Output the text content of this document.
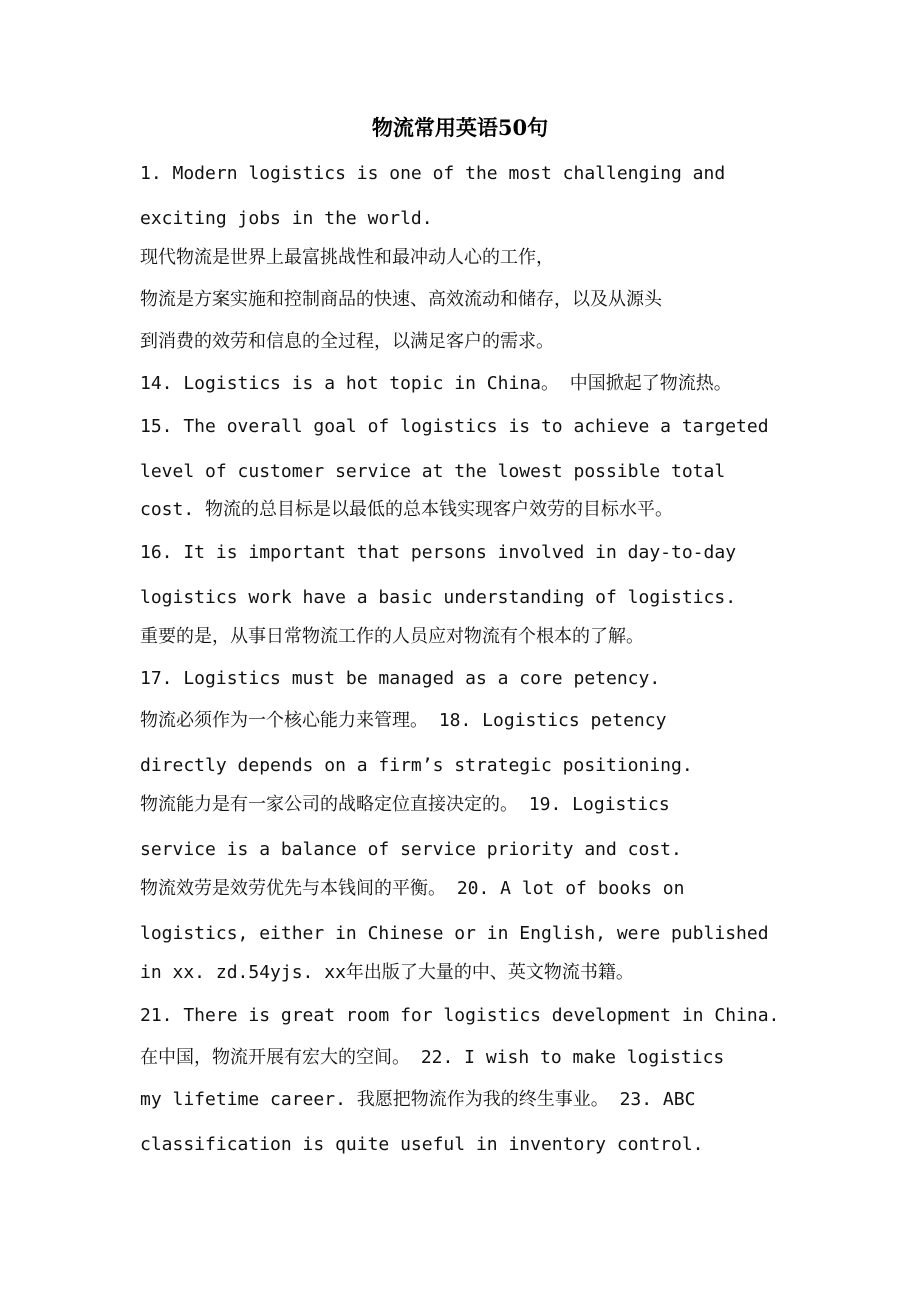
物流常用英语50句

1. Modern logistics is one of the most challenging and

exciting jobs in the world.

现代物流是世界上最富挑战性和最冲动人心的工作，

物流是方案实施和控制商品的快速、高效流动和储存，以及从源头

到消费的效劳和信息的全过程，以满足客户的需求。

14. Logistics is a hot topic in China。 中国掀起了物流热。

15. The overall goal of logistics is to achieve a targeted

level of customer service at the lowest possible total

cost. 物流的总目标是以最低的总本钱实现客户效劳的目标水平。

16. It is important that persons involved in day-to-day

logistics work have a basic understanding of logistics.

重要的是，从事日常物流工作的人员应对物流有个根本的了解。

17. Logistics must be managed as a core petency.

物流必须作为一个核心能力来管理。 18. Logistics petency

directly depends on a firm’s strategic positioning.

物流能力是有一家公司的战略定位直接决定的。 19. Logistics

service is a balance of service priority and cost.

物流效劳是效劳优先与本钱间的平衡。 20. A lot of books on

logistics, either in Chinese or in English, were published

in xx. zd.54yjs. xx年出版了大量的中、英文物流书籍。

21. There is great room for logistics development in China.

在中国，物流开展有宏大的空间。 22. I wish to make logistics

my lifetime career. 我愿把物流作为我的终生事业。 23. ABC

classification is quite useful in inventory control.
